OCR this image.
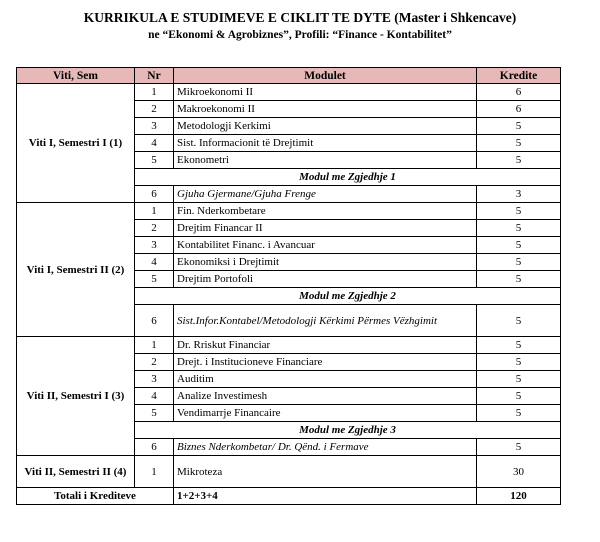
KURRIKULA E STUDIMEVE E CIKLIT TE DYTE (Master i Shkencave)
ne “Ekonomi & Agrobiznes”, Profili: “Finance - Kontabilitet”
Viti, Sem	Nr	Modulet	Kredite
Viti I, Semestri I (1)	1	Mikroekonomi II	6
	2	Makroekonomi II	6
	3	Metodologji Kerkimi	5
	4	Sist. Informacionit të Drejtimit	5
	5	Ekonometri	5
	Modul me Zgjedhje 1		
	6	Gjuha Gjermane/Gjuha Frenge	3
Viti I, Semestri II (2)	1	Fin. Nderkombetare	5
	2	Drejtim Financar II	5
	3	Kontabilitet Financ. i Avancuar	5
	4	Ekonomiksi i Drejtimit	5
	5	Drejtim Portofoli	5
	Modul me Zgjedhje 2		
	6	Sist.Infor.Kontabel/Metodologji Kërkimi Përmes Vëzhgimit	5
Viti II, Semestri I (3)	1	Dr. Rriskut Financiar	5
	2	Drejt. i Institucioneve Financiare	5
	3	Auditim	5
	4	Analize Investimesh	5
	5	Vendimarrje Financaire	5
	Modul me Zgjedhje 3		
	6	Biznes Nderkombetar/ Dr. Qënd. i Fermave	5
Viti II, Semestri II (4)	1	Mikroteza	30
Totali i Krediteve		1+2+3+4	120
